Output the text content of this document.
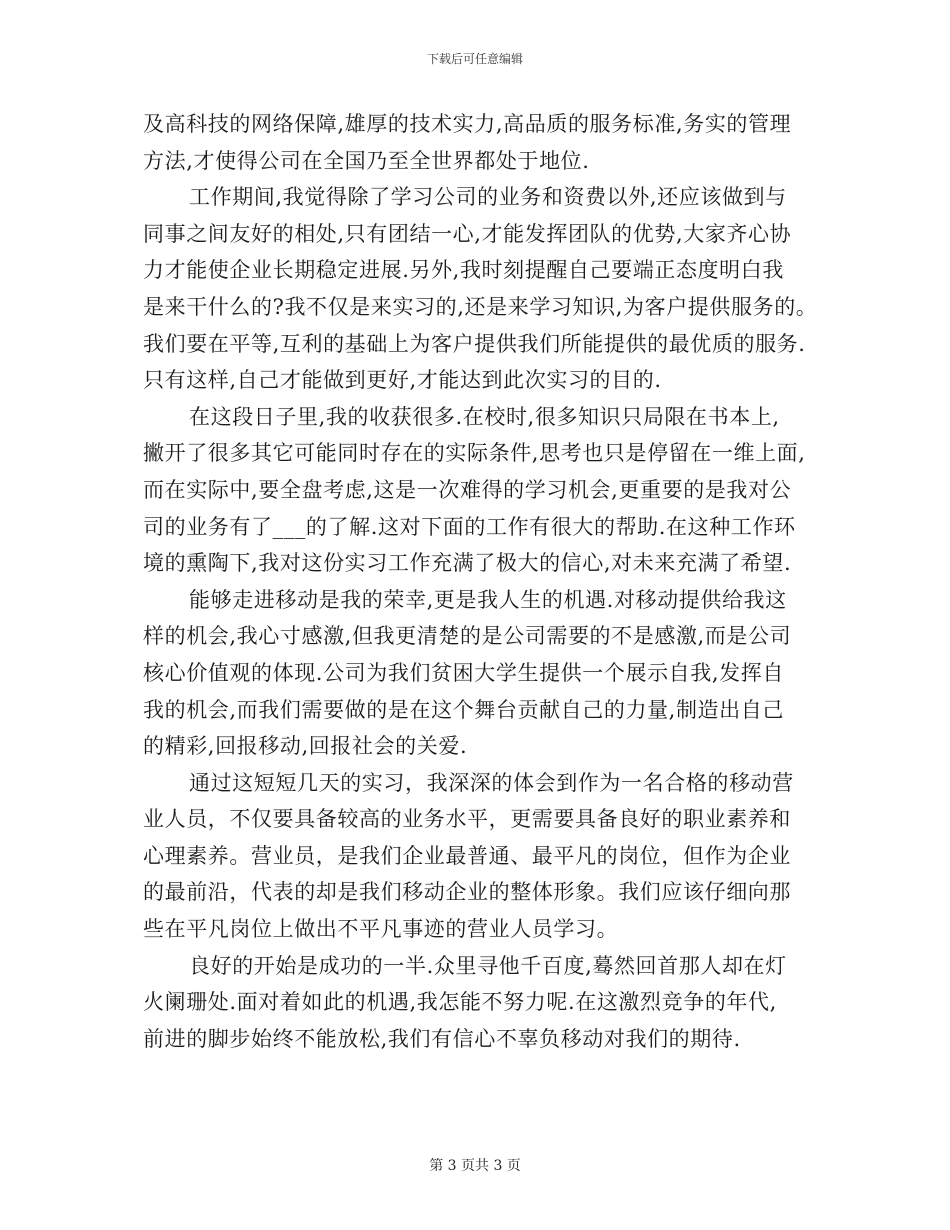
下载后可任意编辑
及高科技的网络保障,雄厚的技术实力,高品质的服务标准,务实的管理
方法,才使得公司在全国乃至全世界都处于地位.
工作期间,我觉得除了学习公司的业务和资费以外,还应该做到与
同事之间友好的相处,只有团结一心,才能发挥团队的优势,大家齐心协
力才能使企业长期稳定进展.另外,我时刻提醒自己要端正态度明白我
是来干什么的?我不仅是来实习的,还是来学习知识,为客户提供服务的。
我们要在平等,互利的基础上为客户提供我们所能提供的最优质的服务.
只有这样,自己才能做到更好,才能达到此次实习的目的.
在这段日子里,我的收获很多.在校时,很多知识只局限在书本上,
撇开了很多其它可能同时存在的实际条件,思考也只是停留在一维上面,
而在实际中,要全盘考虑,这是一次难得的学习机会,更重要的是我对公
司的业务有了___的了解.这对下面的工作有很大的帮助.在这种工作环
境的熏陶下,我对这份实习工作充满了极大的信心,对未来充满了希望.
能够走进移动是我的荣幸,更是我人生的机遇.对移动提供给我这
样的机会,我心寸感激,但我更清楚的是公司需要的不是感激,而是公司
核心价值观的体现.公司为我们贫困大学生提供一个展示自我,发挥自
我的机会,而我们需要做的是在这个舞台贡献自己的力量,制造出自己
的精彩,回报移动,回报社会的关爱.
通过这短短几天的实习，我深深的体会到作为一名合格的移动营
业人员，不仅要具备较高的业务水平，更需要具备良好的职业素养和
心理素养。营业员，是我们企业最普通、最平凡的岗位，但作为企业
的最前沿，代表的却是我们移动企业的整体形象。我们应该仔细向那
些在平凡岗位上做出不平凡事迹的营业人员学习。
良好的开始是成功的一半.众里寻他千百度,蓦然回首那人却在灯
火阑珊处.面对着如此的机遇,我怎能不努力呢.在这激烈竞争的年代,
前进的脚步始终不能放松,我们有信心不辜负移动对我们的期待.
第 3 页共 3 页
